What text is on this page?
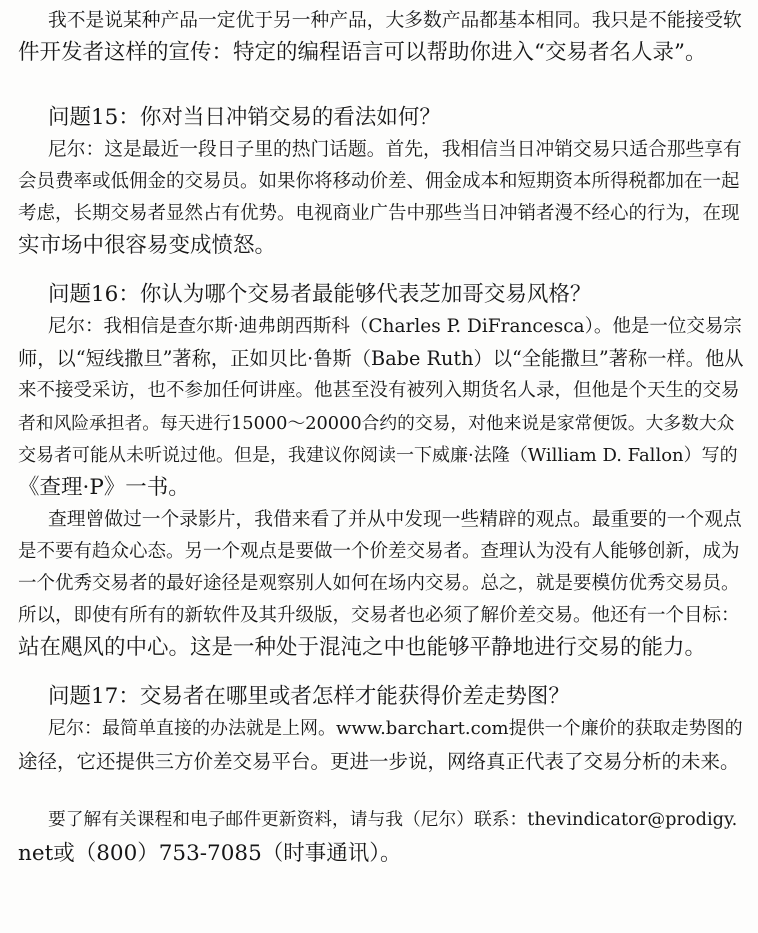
我不是说某种产品一定优于另一种产品，大多数产品都基本相同。我只是不能接受软
件开发者这样的宣传：特定的编程语言可以帮助你进入“交易者名人录”。
问题15：你对当日冲销交易的看法如何？
尼尔：这是最近一段日子里的热门话题。首先，我相信当日冲销交易只适合那些享有
会员费率或低佣金的交易员。如果你将移动价差、佣金成本和短期资本所得税都加在一起
考虑，长期交易者显然占有优势。电视商业广告中那些当日冲销者漫不经心的行为，在现
实市场中很容易变成愤怒。
问题16：你认为哪个交易者最能够代表芝加哥交易风格？
尼尔：我相信是查尔斯·迪弗朗西斯科（Charles P. DiFrancesca）。他是一位交易宗
师，以“短线撒旦”著称，正如贝比·鲁斯（Babe Ruth）以“全能撒旦”著称一样。他从
来不接受采访，也不参加任何讲座。他甚至没有被列入期货名人录，但他是个天生的交易
者和风险承担者。每天进行15000～20000合约的交易，对他来说是家常便饭。大多数大众
交易者可能从未听说过他。但是，我建议你阅读一下威廉·法隆（William D. Fallon）写的
《查理·P》一书。
查理曾做过一个录影片，我借来看了并从中发现一些精辟的观点。最重要的一个观点
是不要有趋众心态。另一个观点是要做一个价差交易者。查理认为没有人能够创新，成为
一个优秀交易者的最好途径是观察别人如何在场内交易。总之，就是要模仿优秀交易员。
所以，即使有所有的新软件及其升级版，交易者也必须了解价差交易。他还有一个目标：
站在飓风的中心。这是一种处于混沌之中也能够平静地进行交易的能力。
问题17：交易者在哪里或者怎样才能获得价差走势图？
尼尔：最简单直接的办法就是上网。www.barchart.com提供一个廉价的获取走势图的
途径，它还提供三方价差交易平台。更进一步说，网络真正代表了交易分析的未来。
要了解有关课程和电子邮件更新资料，请与我（尼尔）联系：thevindicator@prodigy.
net或（800）753-7085（时事通讯）。
